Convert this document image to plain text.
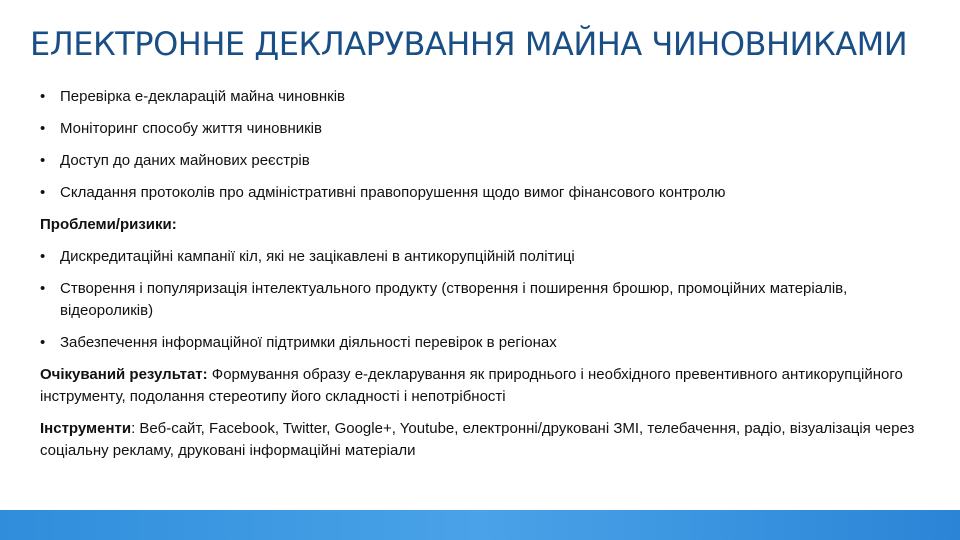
ЕЛЕКТРОННЕ ДЕКЛАРУВАННЯ МАЙНА ЧИНОВНИКАМИ
• Перевірка е-декларацій майна чиновнків
• Моніторинг способу життя чиновників
• Доступ до даних майнових реєстрів
• Складання протоколів про адміністративні правопорушення щодо вимог фінансового контролю
Проблеми/ризики:
• Дискредитаційні кампанії кіл, які не зацікавлені в антикорупційній політиці
• Створення і популяризація інтелектуального продукту (створення і поширення брошюр, промоційних матеріалів, відеороликів)
• Забезпечення інформаційної підтримки діяльності перевірок в регіонах
Очікуваний результат: Формування образу е-декларування як природнього і необхідного превентивного антикорупційного інструменту, подолання стереотипу його складності і непотрібності
Інструменти: Веб-сайт, Facebook, Twitter, Google+, Youtube, електронні/друковані ЗМІ, телебачення, радіо, візуалізація через соціальну рекламу, друковані інформаційні матеріали
